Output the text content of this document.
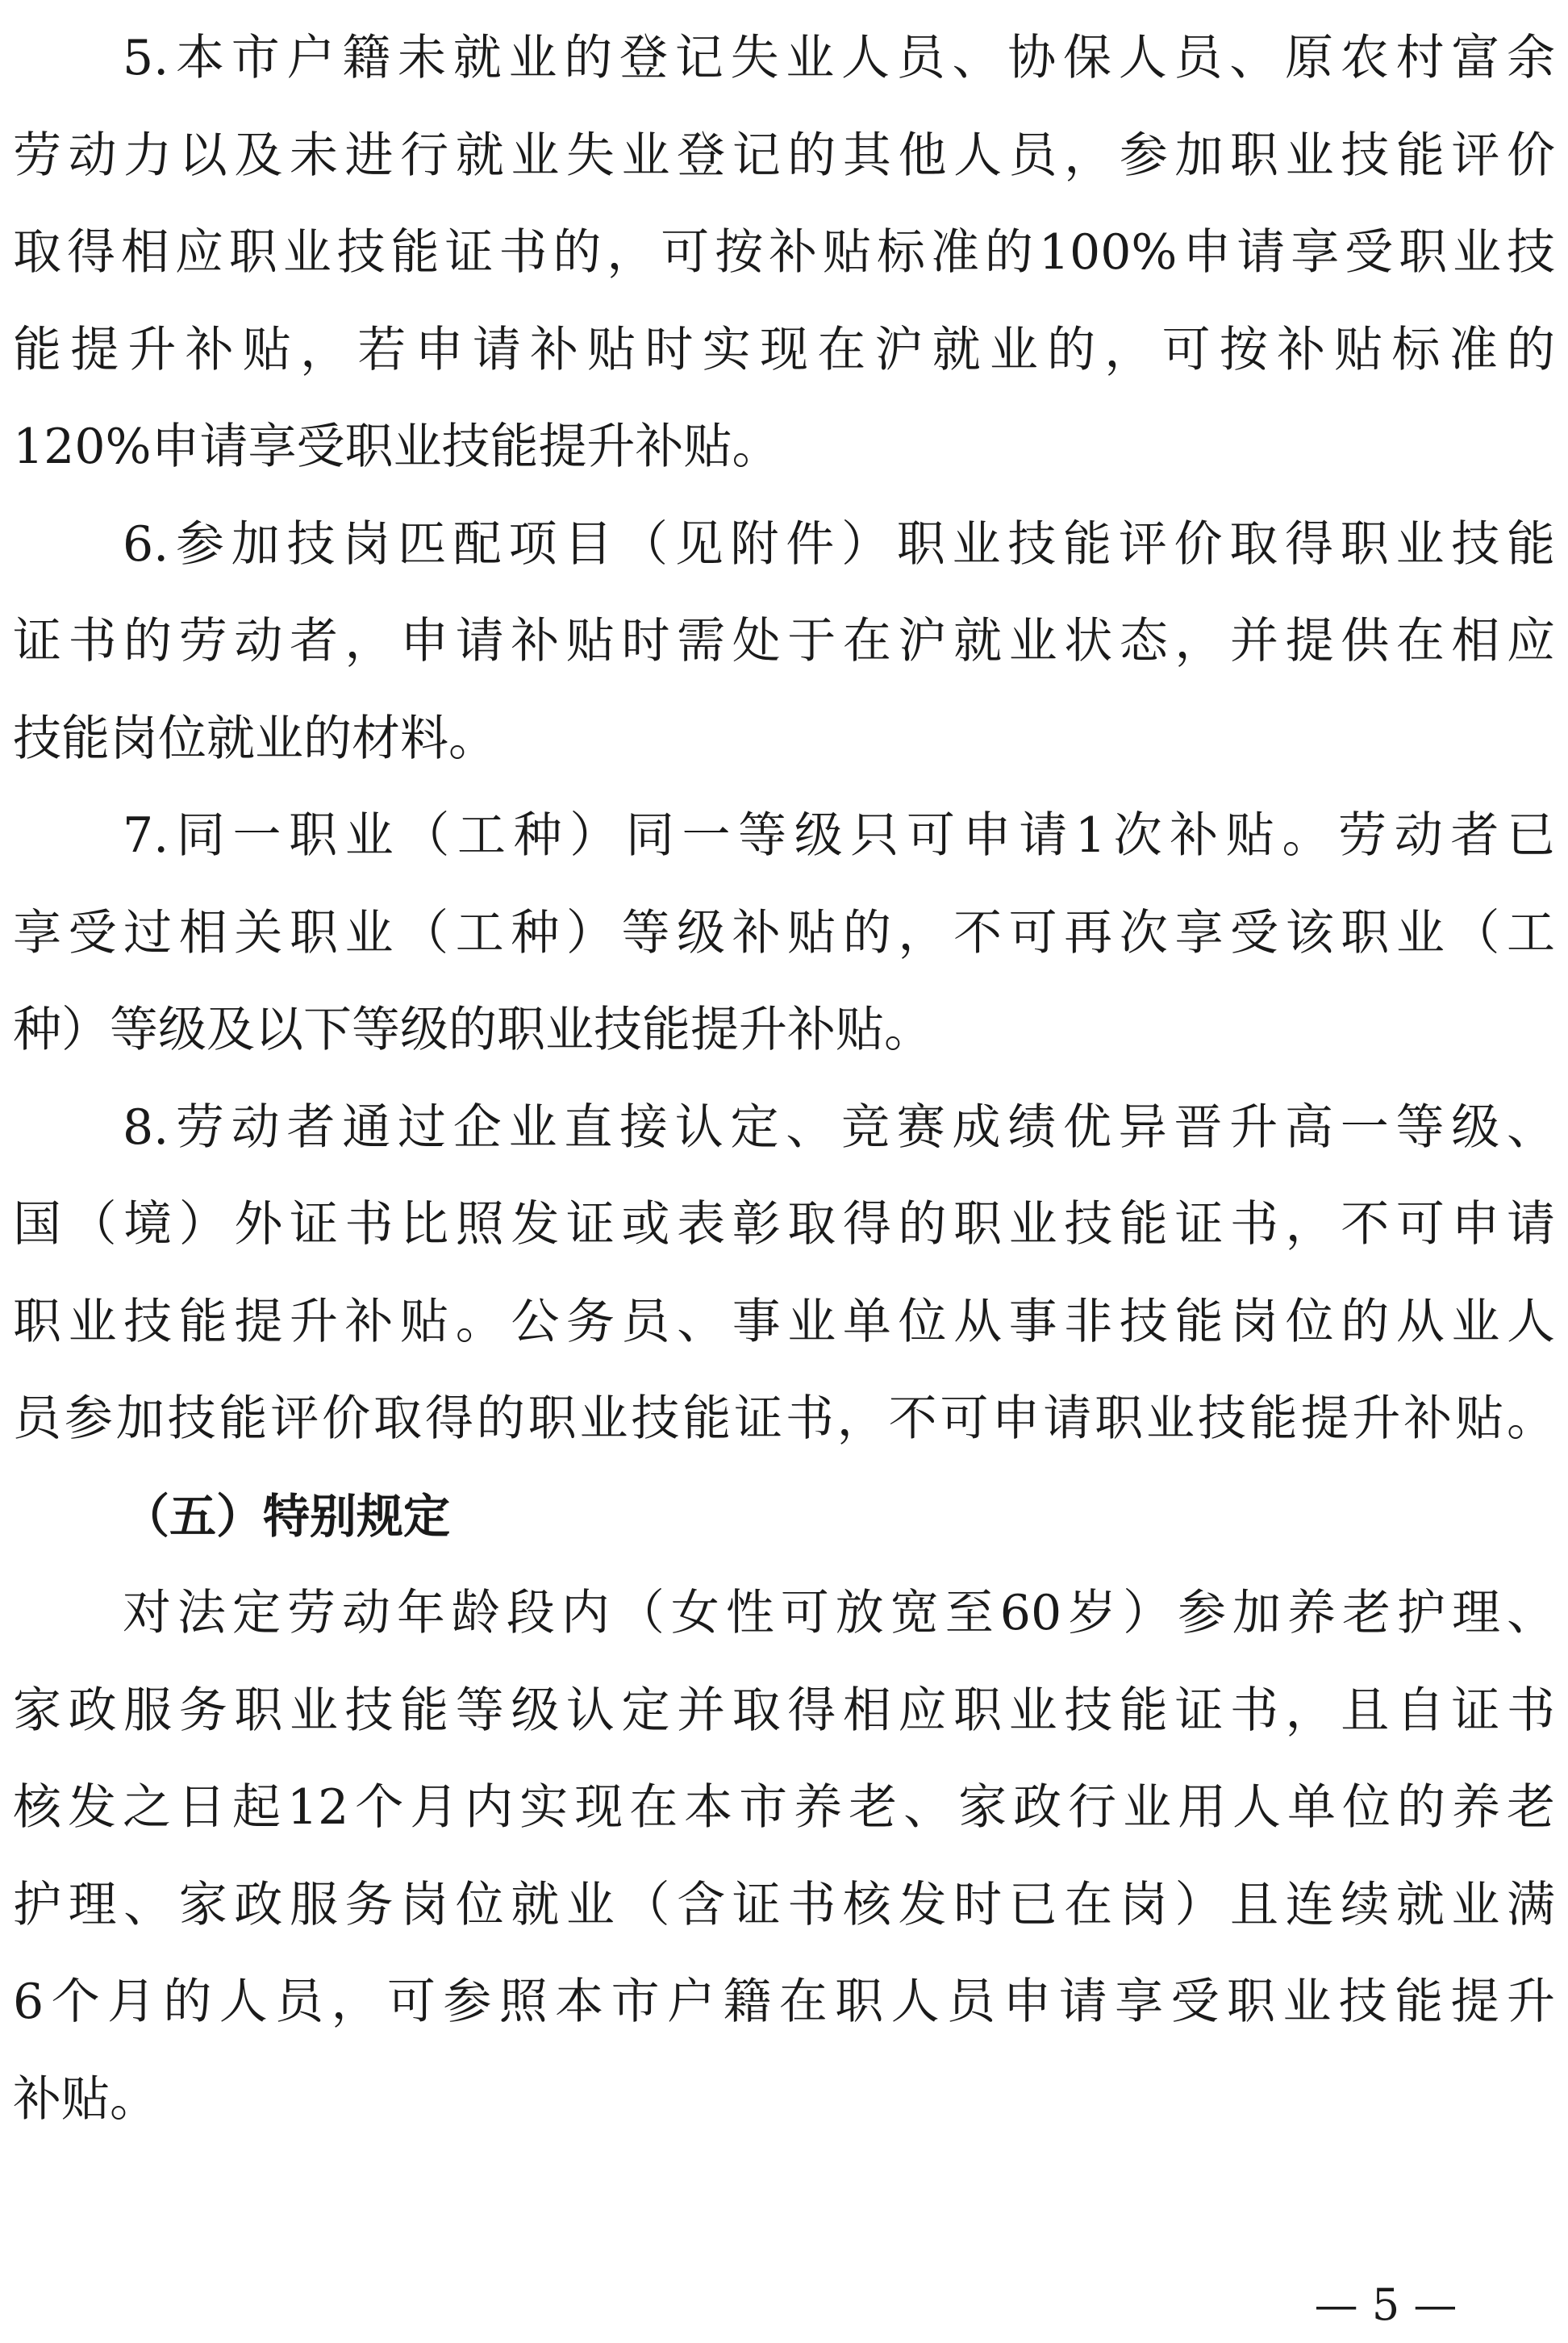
5.本市户籍未就业的登记失业人员、协保人员、原农村富余
劳动力以及未进行就业失业登记的其他人员，参加职业技能评价
取得相应职业技能证书的，可按补贴标准的100%申请享受职业技
能提升补贴，若申请补贴时实现在沪就业的，可按补贴标准的
120%申请享受职业技能提升补贴。
6.参加技岗匹配项目（见附件）职业技能评价取得职业技能
证书的劳动者，申请补贴时需处于在沪就业状态，并提供在相应
技能岗位就业的材料。
7.同一职业（工种）同一等级只可申请1次补贴。劳动者已
享受过相关职业（工种）等级补贴的，不可再次享受该职业（工
种）等级及以下等级的职业技能提升补贴。
8.劳动者通过企业直接认定、竞赛成绩优异晋升高一等级、
国（境）外证书比照发证或表彰取得的职业技能证书，不可申请
职业技能提升补贴。公务员、事业单位从事非技能岗位的从业人
员参加技能评价取得的职业技能证书，不可申请职业技能提升补贴。
（五）特别规定
对法定劳动年龄段内（女性可放宽至60岁）参加养老护理、
家政服务职业技能等级认定并取得相应职业技能证书，且自证书
核发之日起12个月内实现在本市养老、家政行业用人单位的养老
护理、家政服务岗位就业（含证书核发时已在岗）且连续就业满
6个月的人员，可参照本市户籍在职人员申请享受职业技能提升
补贴。
— 5 —
